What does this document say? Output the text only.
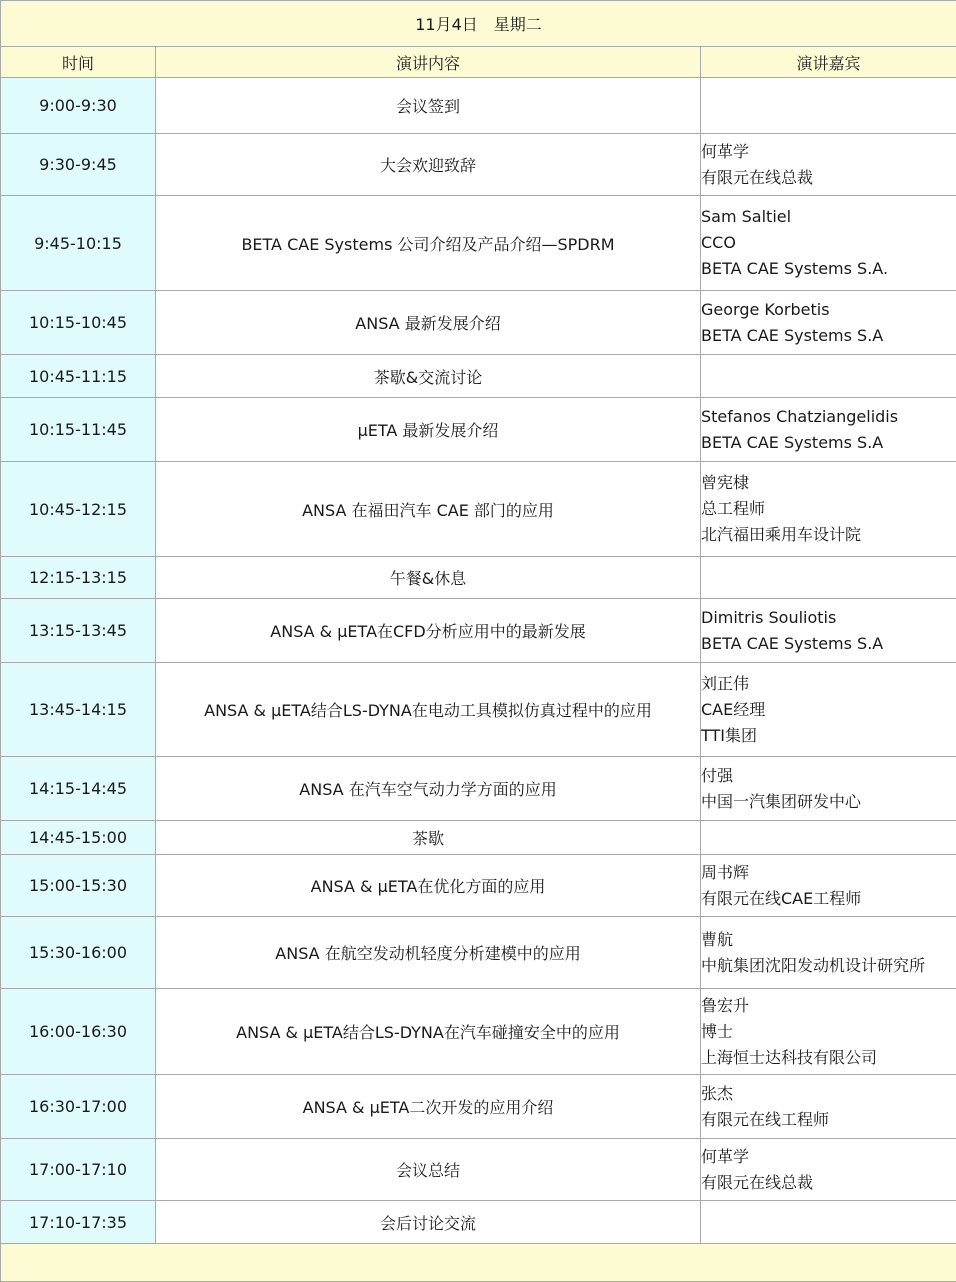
11月4日　星期二		
时间	演讲内容	演讲嘉宾
9:00-9:30	会议签到	
9:30-9:45	大会欢迎致辞	何革学
有限元在线总裁

9:45-10:15	BETA CAE Systems 公司介绍及产品介绍—SPDRM	Sam Saltiel
CCO
BETA CAE Systems S.A.

10:15-10:45	ANSA 最新发展介绍	George Korbetis
BETA CAE Systems S.A

10:45-11:15	茶歇&交流讨论	
10:15-11:45	μETA 最新发展介绍	Stefanos Chatziangelidis
BETA CAE Systems S.A

10:45-12:15	ANSA 在福田汽车 CAE 部门的应用	曾宪棣
总工程师
北汽福田乘用车设计院

12:15-13:15	午餐&休息	
13:15-13:45	ANSA & μETA在CFD分析应用中的最新发展	Dimitris Souliotis
BETA CAE Systems S.A

13:45-14:15	ANSA & μETA结合LS-DYNA在电动工具模拟仿真过程中的应用	刘正伟
CAE经理
TTI集团

14:15-14:45	ANSA 在汽车空气动力学方面的应用	付强
中国一汽集团研发中心

14:45-15:00	茶歇	
15:00-15:30	ANSA & μETA在优化方面的应用	周书辉
有限元在线CAE工程师

15:30-16:00	ANSA 在航空发动机轻度分析建模中的应用	曹航
中航集团沈阳发动机设计研究所

16:00-16:30	ANSA & μETA结合LS-DYNA在汽车碰撞安全中的应用	鲁宏升
博士
上海恒士达科技有限公司

16:30-17:00	ANSA & μETA二次开发的应用介绍	张杰
有限元在线工程师

17:00-17:10	会议总结	何革学
有限元在线总裁

17:10-17:35	会后讨论交流	
